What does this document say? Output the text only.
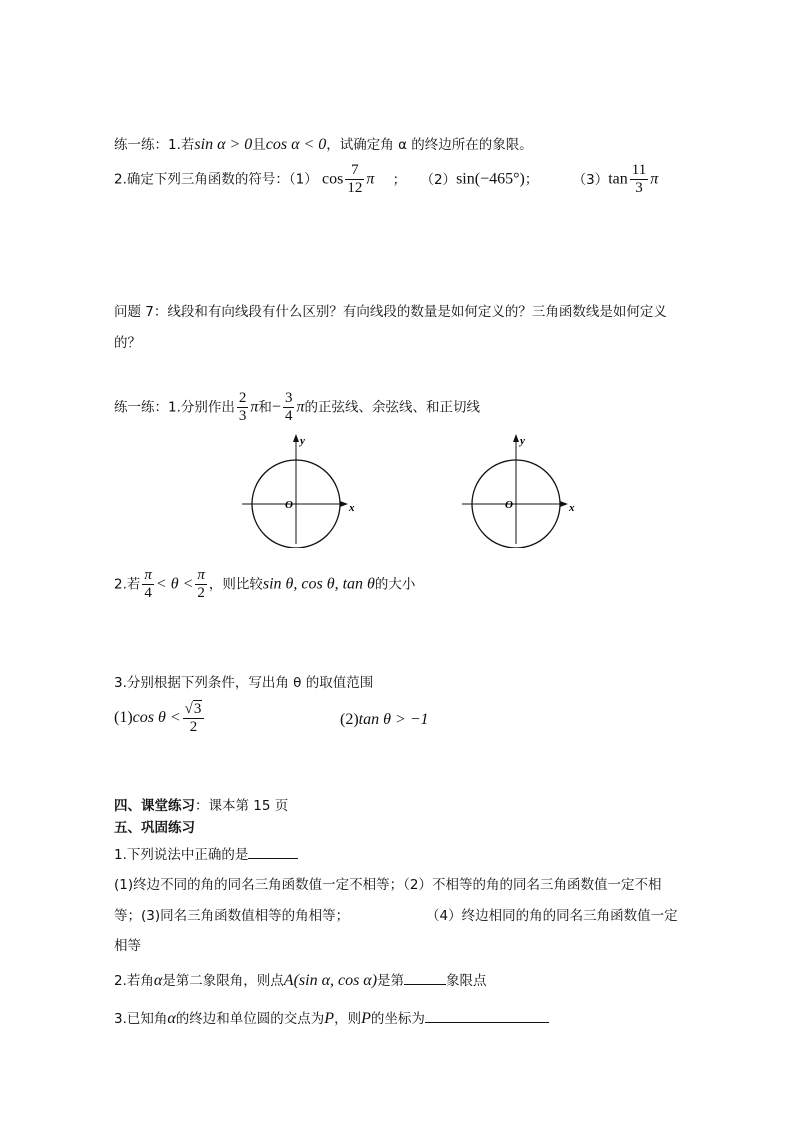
练一练：1.若sin α > 0且cos α < 0，试确定角 α 的终边所在的象限。
2.确定下列三角函数的符号：（1） $\cos \frac{7}{12}$ π ； （2）sin(−465°)；	$(3)\tan \frac{11}{3}$ π
问题 7：线段和有向线段有什么区别？有向线段的数量是如何定义的？三角函数线是如何定义
的？
练一练：1.分别作出 $\frac{2}{3}$ π和− $\frac{3}{4}$ π的正弦线、余弦线、和正切线
y
x
O
y
x
O
2.若 $\frac{\pi}{4} < \theta < \frac{\pi}{2}$ ，则比较sin θ, cos θ, tan θ的大小
3.分别根据下列条件，写出角 θ 的取值范围
(1)cos $\theta < \frac{√3}{2}$	(2)tan θ > −1
四、课堂练习：课本第 15 页
五、巩固练习
1.下列说法中正确的是
(1)终边不同的角的同名三角函数值一定不相等；（2）不相等的角的同名三角函数值一定不相
等；(3)同名三角函数值相等的角相等；	（4）终边相同的角的同名三角函数值一定
相等
2.若角α是第二象限角，则点A(sin α, cos α)是第	象限点
3.已知角α的终边和单位圆的交点为P，则P的坐标为
